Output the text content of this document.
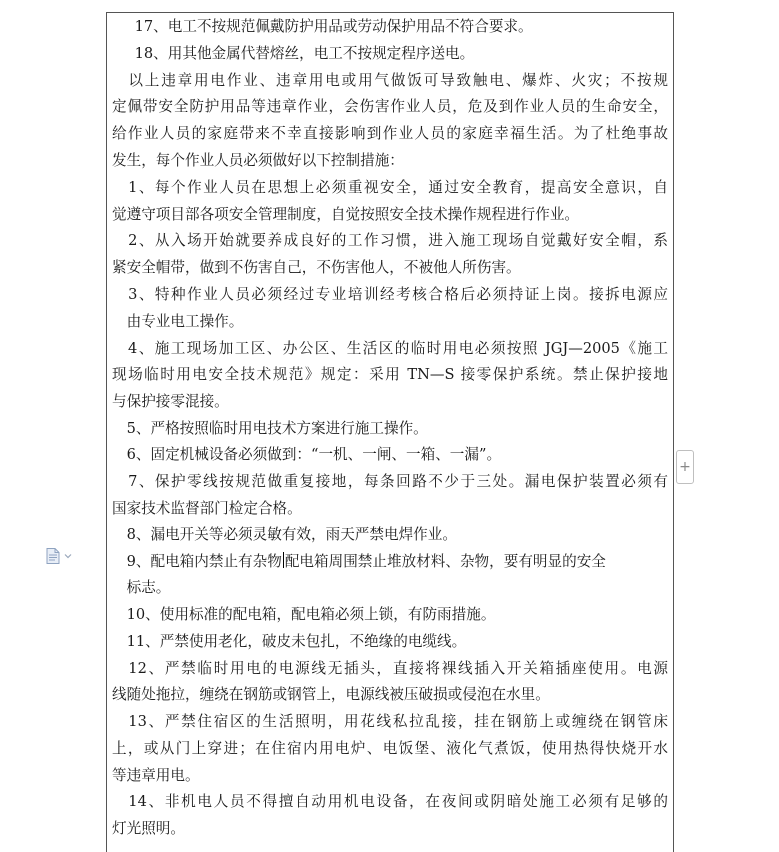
　17、电工不按规范佩戴防护用品或劳动保护用品不符合要求。
　18、用其他金属代替熔丝，电工不按规定程序送电。
　以上违章用电作业、违章用电或用气做饭可导致触电、爆炸、火灾；不按规
定佩带安全防护用品等违章作业，会伤害作业人员，危及到作业人员的生命安全，
给作业人员的家庭带来不幸直接影响到作业人员的家庭幸福生活。为了杜绝事故
发生，每个作业人员必须做好以下控制措施：
　1、每个作业人员在思想上必须重视安全，通过安全教育，提高安全意识，自
觉遵守项目部各项安全管理制度，自觉按照安全技术操作规程进行作业。
　2、从入场开始就要养成良好的工作习惯，进入施工现场自觉戴好安全帽，系
紧安全帽带，做到不伤害自己，不伤害他人，不被他人所伤害。
　3、特种作业人员必须经过专业培训经考核合格后必须持证上岗。接拆电源应
　由专业电工操作。
　4、施工现场加工区、办公区、生活区的临时用电必须按照 JGJ—2005《施工
现场临时用电安全技术规范》规定：采用 TN—S 接零保护系统。禁止保护接地
与保护接零混接。
　5、严格按照临时用电技术方案进行施工操作。
　6、固定机械设备必须做到：“一机、一闸、一箱、一漏”。
　7、保护零线按规范做重复接地，每条回路不少于三处。漏电保护装置必须有
国家技术监督部门检定合格。
　8、漏电开关等必须灵敏有效，雨天严禁电焊作业。
　9、配电箱内禁止有杂物 配电箱周围禁止堆放材料、杂物，要有明显的安全
　标志。
　10、使用标准的配电箱，配电箱必须上锁，有防雨措施。
　11、严禁使用老化，破皮未包扎，不绝缘的电缆线。
　12、严禁临时用电的电源线无插头，直接将裸线插入开关箱插座使用。电源
线随处拖拉，缠绕在钢筋或钢管上，电源线被压破损或侵泡在水里。
　13、严禁住宿区的生活照明，用花线私拉乱接，挂在钢筋上或缠绕在钢管床
上，或从门上穿进；在住宿内用电炉、电饭堡、液化气煮饭，使用热得快烧开水
等违章用电。
　14、非机电人员不得擅自动用机电设备，在夜间或阴暗处施工必须有足够的
灯光照明。
+
